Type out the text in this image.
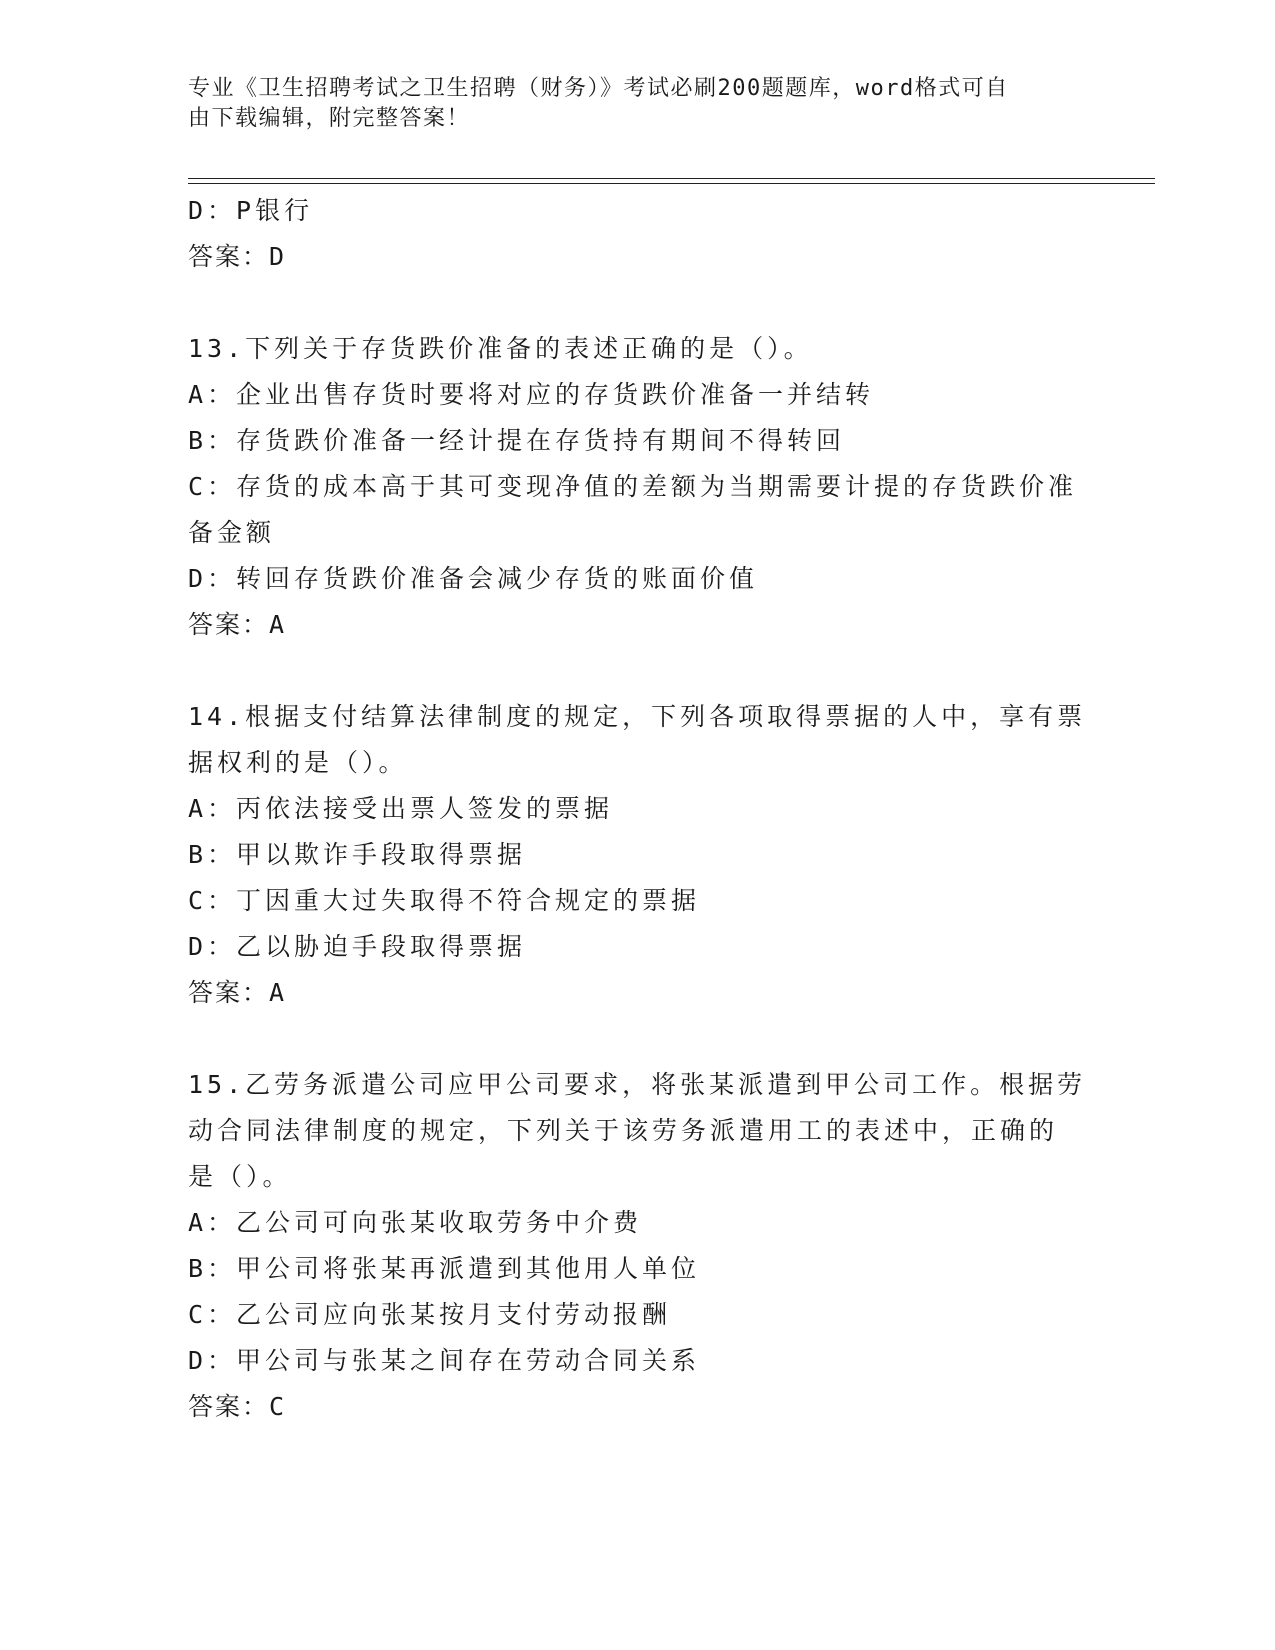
专业《卫生招聘考试之卫生招聘（财务）》考试必刷200题题库，word格式可自
由下载编辑，附完整答案！
D：P银行
答案：D
13.下列关于存货跌价准备的表述正确的是（）。
A：企业出售存货时要将对应的存货跌价准备一并结转
B：存货跌价准备一经计提在存货持有期间不得转回
C：存货的成本高于其可变现净值的差额为当期需要计提的存货跌价准
备金额
D：转回存货跌价准备会减少存货的账面价值
答案：A
14.根据支付结算法律制度的规定，下列各项取得票据的人中，享有票
据权利的是（）。
A：丙依法接受出票人签发的票据
B：甲以欺诈手段取得票据
C：丁因重大过失取得不符合规定的票据
D：乙以胁迫手段取得票据
答案：A
15.乙劳务派遣公司应甲公司要求，将张某派遣到甲公司工作。根据劳
动合同法律制度的规定，下列关于该劳务派遣用工的表述中，正确的
是（）。
A：乙公司可向张某收取劳务中介费
B：甲公司将张某再派遣到其他用人单位
C：乙公司应向张某按月支付劳动报酬
D：甲公司与张某之间存在劳动合同关系
答案：C
